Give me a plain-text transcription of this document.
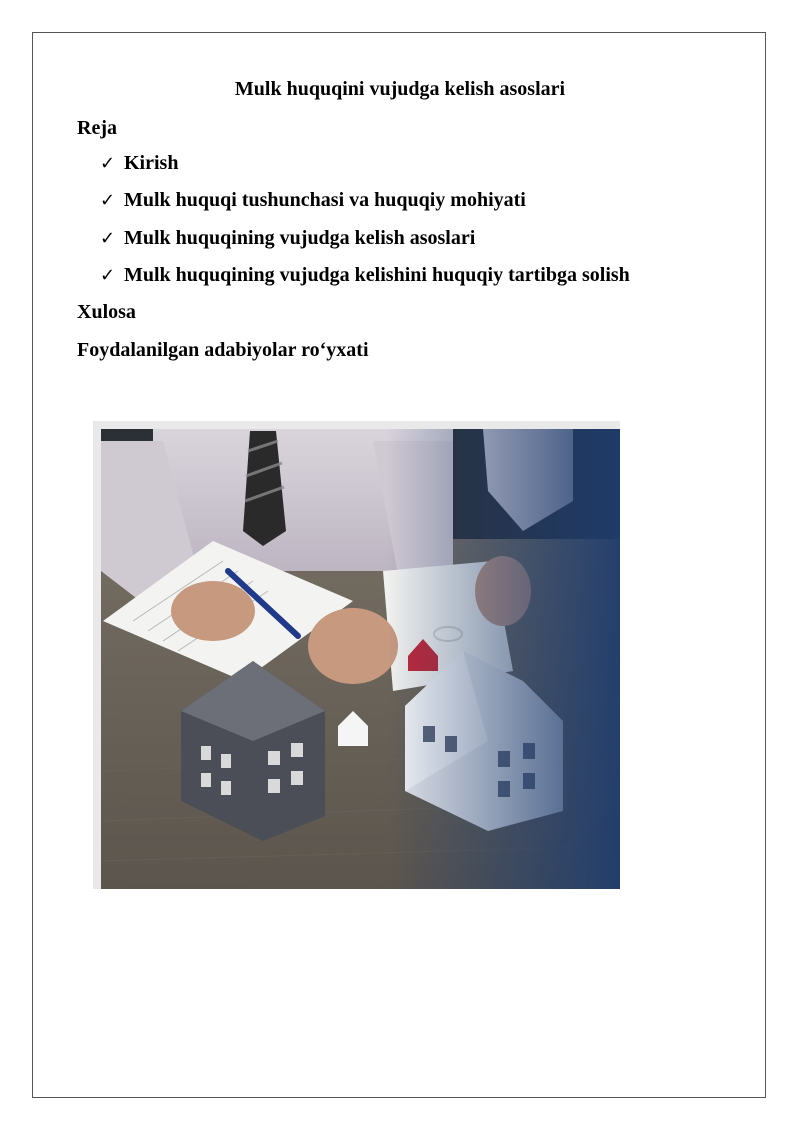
Mulk huquqini vujudga kelish asoslari

Reja

✓ Kirish
✓ Mulk huquqi tushunchasi va huquqiy mohiyati
✓ Mulk huquqining vujudga kelish asoslari
✓ Mulk huquqining vujudga kelishini huquqiy tartibga solish

Xulosa

Foydalanilgan adabiyolar ro‘yxati
